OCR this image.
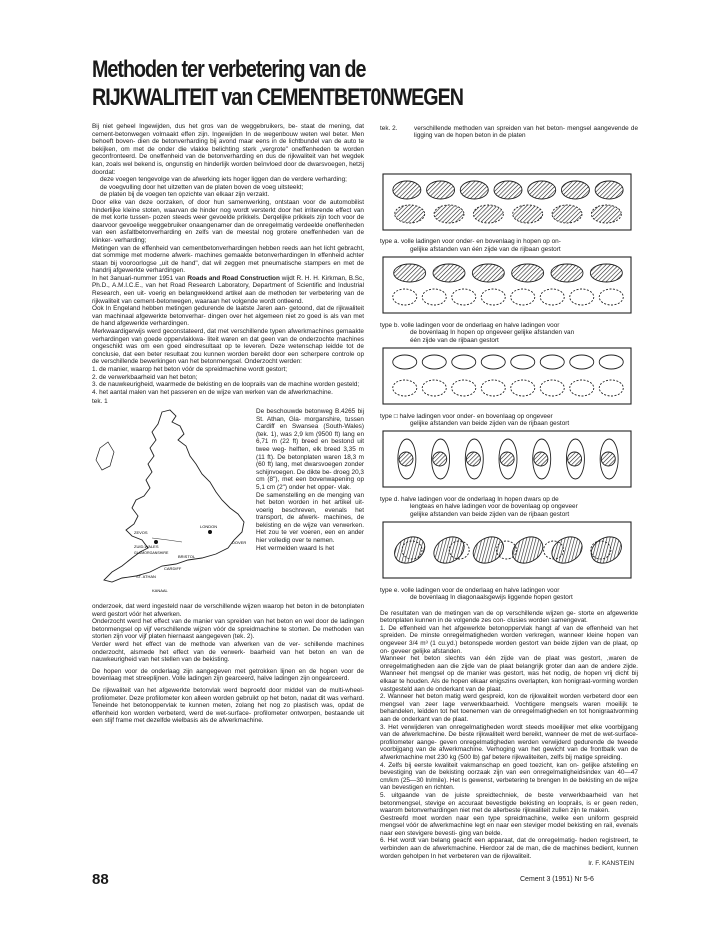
Methoden ter verbetering van de
RIJKWALITEIT van CEMENTBET0NWEGEN

Bij niet geheel Ingewijden, dus het gros van de weggebruikers, be- staat de mening, dat cement-betonwegen volmaakt effen zijn. Ingewijden In de wegenbouw weten wel beter. Men behoeft boven- dien de betonverharding bij avond maar eens in de lichtbundel van de auto te bekijken, om met de onder die vlakke belichting sterk „vergrote" oneffenheden te worden geconfronteerd. De oneffenheid van de betonverharding en dus de rijkwaliteit van het wegdek kan, zoals wel bekend is, ongunstig en hinderlijk worden beïnvloed door de dwarsvoegen, hetzij doordat:

deze voegen tengevolge van de afwerking iets hoger liggen dan de verdere verharding;

de voegvulling door het uitzetten van de platen boven de voeg uitsteekt;

de platen bij de voegen ten opzichte van elkaar zijn verzakt.

Door elke van deze oorzaken, of door hun samenwerking, ontstaan voor de automobilist hinderlijke kleine stoten, waarvan de hinder nog wordt versterkt door het irriterende effect van de met korte tussen- pozen steeds weer gevoelde prikkels. Derqelijke prikkels zijn toch voor de daarvoor gevoelige weggebruiker onaangenamer dan de onregelmatig verdeelde oneffenheden van een asfaltbetonverharding en zelfs van de meestal nog grotere oneffenheden van de klinker- verharding;

Metingen van de effenheid van cementbetonverhardingen hebben reeds aan het licht gebracht, dat sommige met moderne afwerk- machines gemaakte betonverhardingen In effenheid achter staan bij vooroorlogse „uit de hand", dat wil zeggen met pneumatische stampers en met de handrij afgewerkte verhardingen.

In het 3anuari-nummer 1951 van Roads and Road Construction wijdt R. H. H. Kirkman, B.Sc, Ph.D., A.M.I.C.E., van het Road Research Laboratory, Department of Scientific and Industrial Research, een uit- voerig en belangwekkend artikel aan de methoden ter verbetering van de rijkwaliteit van cement-betonwegen, waaraan het volgende wordt ontleend.

Ook In Engeland hebben metingen gedurende de laatste Jaren aan- getoond, dat de rijkwaliteit van machinaal afgewerkte betonverhar- dingen over het algemeen niet zo goed is als van met de hand afgewerkte verhardingen.

Merkwaardigerwijs werd geconstateerd, dat met verschillende typen afwerkmachines gemaakte verhardingen van goede oppervlakkwa- liteit waren en dat geen van de onderzochte machines ongeschikt was om een goed eindresultaat op te leveren. Deze wetenschap leidde tot de conclusie, dat een beter resultaat zou kunnen worden bereikt door een scherpere controle op de verschillende bewerkingen van het betonmengsel. Onderzocht werden:

1. de manier, waarop het beton vóór de spreidmachine wordt gestort;

2. de verwerkbaarheid van het beton;

3. de nauwkeurigheid, waarmede de bekisting en de looprails van de machine worden gesteld;

4. het aantal malen van het passeren en de wijze van werken van de afwerkmachine.

tek. 1

ZEVOS
ZUID-WALES
GLAMORGANSHIRE
LONDON
CARDIFF
ST. ATHAN
BRISTOL
DOVER
KANAAL

De beschouwde betonweg B.4265 bij St. Athan, Gla- morganshire, tussen Cardiff en Swansea (South-Wales) (tek. 1), was 2,9 km (9500 ft) lang en 6,71 m (22 ft) breed en bestond uit twee weg- helften, elk breed 3,35 m (11 ft). De betonplaten waren 18,3 m (60 ft) lang, met dwarsvoegen zonder schijnvoegen. De dikte be- droeg 20,3 cm (8"), met een bovenwapening op 5,1 cm (2") onder het opper- vlak.

De samenstelling en de menging van het beton worden in het artikel uit- voerig beschreven, evenals het transport, de afwerk- machines, de bekisting en de wijze van verwerken. Het zou te ver voeren, een en ander hier volledig over te nemen.

Het vermelden waard Is het

onderzoek, dat werd ingesteld naar de verschillende wijzen waarop het beton in de betonplaten werd gestort vóór het afwerken.

Onderzocht werd het effect van de manier van spreiden van het beton en wel door de ladingen betonmengsel op vijf verschillende wijzen vóór de spreidmachine te storten. De methoden van storten zijn voor vijf platen hiernaast aangegeven (tek. 2).

Verder werd het effect van de methode van afwerken van de ver- schillende machines onderzocht, alsmede het effect van de verwerk- baarheid van het beton en van de nauwkeurigheid van het stellen van de bekisting.

De hopen voor de onderlaag zijn aangegeven met getrokken lijnen en de hopen voor de bovenlaag met streeplijnen. Volle ladingen zijn gearceerd, halve ladingen zijn ongearceerd.

De rijkwaliteit van het afgewerkte betonvlak werd beproefd door middel van de multi-wheel-profilometer. Deze profilometer kon alleen worden gebruikt op het beton, nadat dit was verhard. Teneinde het betonoppervlak te kunnen meten, zolang het nog zo plastisch was, opdat de effenheid kon worden verbeterd, werd de wet-surface- profilometer ontworpen, bestaande uit een stijf frame met dezelfde wielbasis als de afwerkmachine.

tek. 2.	verschillende methoden van spreiden van het beton- mengsel aangevende de ligging van de hopen beton in de platen
type a. volle ladingen voor onder- en bovenlaag in hopen op on-
gelijke afstanden van één zijde van de rijbaan gestort
type b. volle ladingen voor de onderlaag en halve ladingen voor
de bovenlaag In hopen op ongeveer gelijke afstanden van
één zijde van de rijbaan gestort
type □ halve ladingen voor onder- en bovenlaag op ongeveer
gelijke afstanden van beide zijden van de rijbaan gestort
type d. halve ladingen voor de onderlaag In hopen dwars op de
lengteas en halve ladingen voor de bovenlaag op ongeveer
gelijke afstanden van beide zijden van de rijbaan gestort
type e. volle ladingen voor de onderlaag en halve ladingen voor
de bovenlaag In diagonaalsgewijs liggende hopen gestort

De resultaten van de metingen van de op verschillende wijzen ge- storte en afgewerkte betonplaten kunnen in de volgende zes con- clusies worden samengevat.

1. De effenheid van het afgewerkte betonoppervlak hangt af van de effenheid van het spreiden. De minste onregelmatigheden worden verkregen, wanneer kleine hopen van ongeveer 3/4 m³ (1 cu.yd.) betonspede worden gestort van beide zijden van de plaat, op on- geveer gelijke afstanden.

Wanneer het beton slechts van één zijde van de plaat was gestort, ,waren de onregelmatigheden aan die zijde van de plaat belangrijk groter dan aan de andere zijde. Wanneer het mengsel op de manier was gestort, was het nodig, de hopen vrij dicht bij elkaar te houden. Als de hopen elkaar enigszins overlapten, kon honigraat-vorming worden vastgesteld aan de onderkant van de plaat.

2. Wanneer het beton matig werd gespreid, kon de rijkwaliteit worden verbeterd door een mengsel van zeer lage verwerkbaarheid. Vochtigere mengsels waren moeilijk te behandelen, leidden tot het toenemen van de onregelmatigheden en tot honigraatvorming aan de onderkant van de plaat.

3. Het verwijderen van onregelmatigheden wordt steeds moeilijker met elke voorbijgang van de afwerkmachine. De beste rijkwaliteit werd bereikt, wanneer de met de wet-surface-profilometer aange- geven onregelmatigheden werden verwijderd gedurende de tweede voorbijgang van de afwerkmachine. Verhoging van het gewicht van de frontbalk van de afwerkmachine met 230 kg (500 lb) gaf betere rijkwaliteiten, zelfs bij matige spreiding.

4. Zelfs bij eerste kwaliteit vakmanschap en goed toezicht, kan on- gelijke afstelling en bevestiging van de bekisting oorzaak zijn van een onregelmatigheidsindex van 40—47 cm/km (25—30 In/mile). Het Is gewenst, verbetering te brengen In de bekisting en de wijze van bevestigen en richten.

5. uitgaande van de juiste spreidtechniek, de beste verwerkbaarheid van het betonmengsel, stevige en accuraat bevestigde bekisting en looprails, is er geen reden, waarom betonverhardingen niet met de allerbeste rijkwaliteit zullen zijn te maken.

Gestreefd moet worden naar een type spreidmachine, welke een uniform gespreid mengsel vóór de afwerkmachine legt en naar een steviger model bekisting en rail, evenals naar een stevigere bevesti- ging van belde.

6. Het wordt van belang geacht een apparaat, dat de onregelmatig- heden registreert, te verbinden aan de afwerkmachine. Hierdoor zal de man, die de machines bedient, kunnen worden geholpen In het verbeteren van de rijkwaliteit.

Ir. F. KANSTEIN

88	Cement 3 (1951) Nr 5-6
